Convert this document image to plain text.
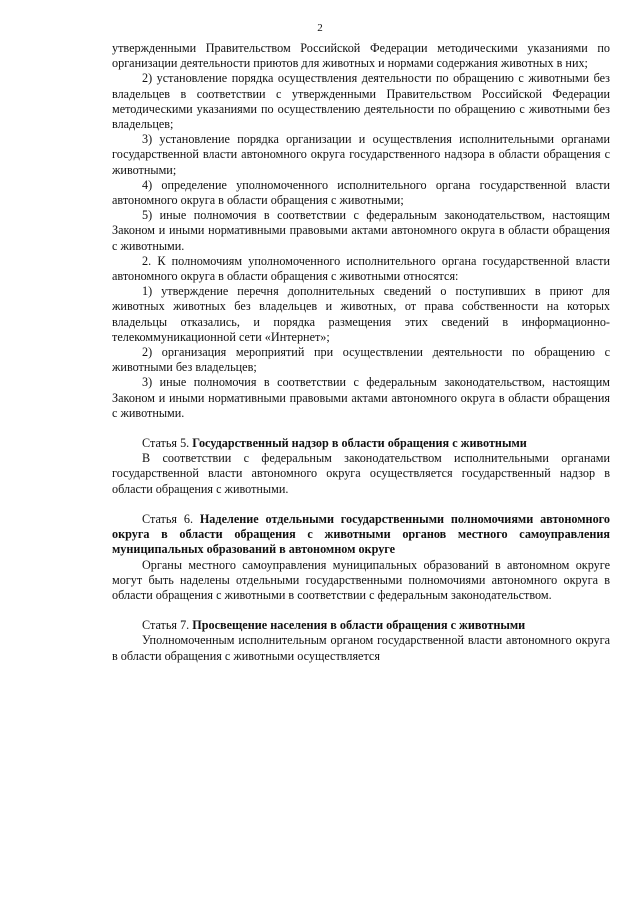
2

утвержденными Правительством Российской Федерации методическими указаниями по организации деятельности приютов для животных и нормами содержания животных в них;

2) установление порядка осуществления деятельности по обращению с животными без владельцев в соответствии с утвержденными Правительством Российской Федерации методическими указаниями по осуществлению деятельности по обращению с животными без владельцев;

3) установление порядка организации и осуществления исполнительными органами государственной власти автономного округа государственного надзора в области обращения с животными;

4) определение уполномоченного исполнительного органа государственной власти автономного округа в области обращения с животными;

5) иные полномочия в соответствии с федеральным законодательством, настоящим Законом и иными нормативными правовыми актами автономного округа в области обращения с животными.

2. К полномочиям уполномоченного исполнительного органа государственной власти автономного округа в области обращения с животными относятся:

1) утверждение перечня дополнительных сведений о поступивших в приют для животных животных без владельцев и животных, от права собственности на которых владельцы отказались, и порядка размещения этих сведений в информационно-телекоммуникационной сети «Интернет»;

2) организация мероприятий при осуществлении деятельности по обращению с животными без владельцев;

3) иные полномочия в соответствии с федеральным законодательством, настоящим Законом и иными нормативными правовыми актами автономного округа в области обращения с животными.

Статья 5. Государственный надзор в области обращения с животными

В соответствии с федеральным законодательством исполнительными органами государственной власти автономного округа осуществляется государственный надзор в области обращения с животными.

Статья 6. Наделение отдельными государственными полномочиями автономного округа в области обращения с животными органов местного самоуправления муниципальных образований в автономном округе

Органы местного самоуправления муниципальных образований в автономном округе могут быть наделены отдельными государственными полномочиями автономного округа в области обращения с животными в соответствии с федеральным законодательством.

Статья 7. Просвещение населения в области обращения с животными

Уполномоченным исполнительным органом государственной власти автономного округа в области обращения с животными осуществляется
